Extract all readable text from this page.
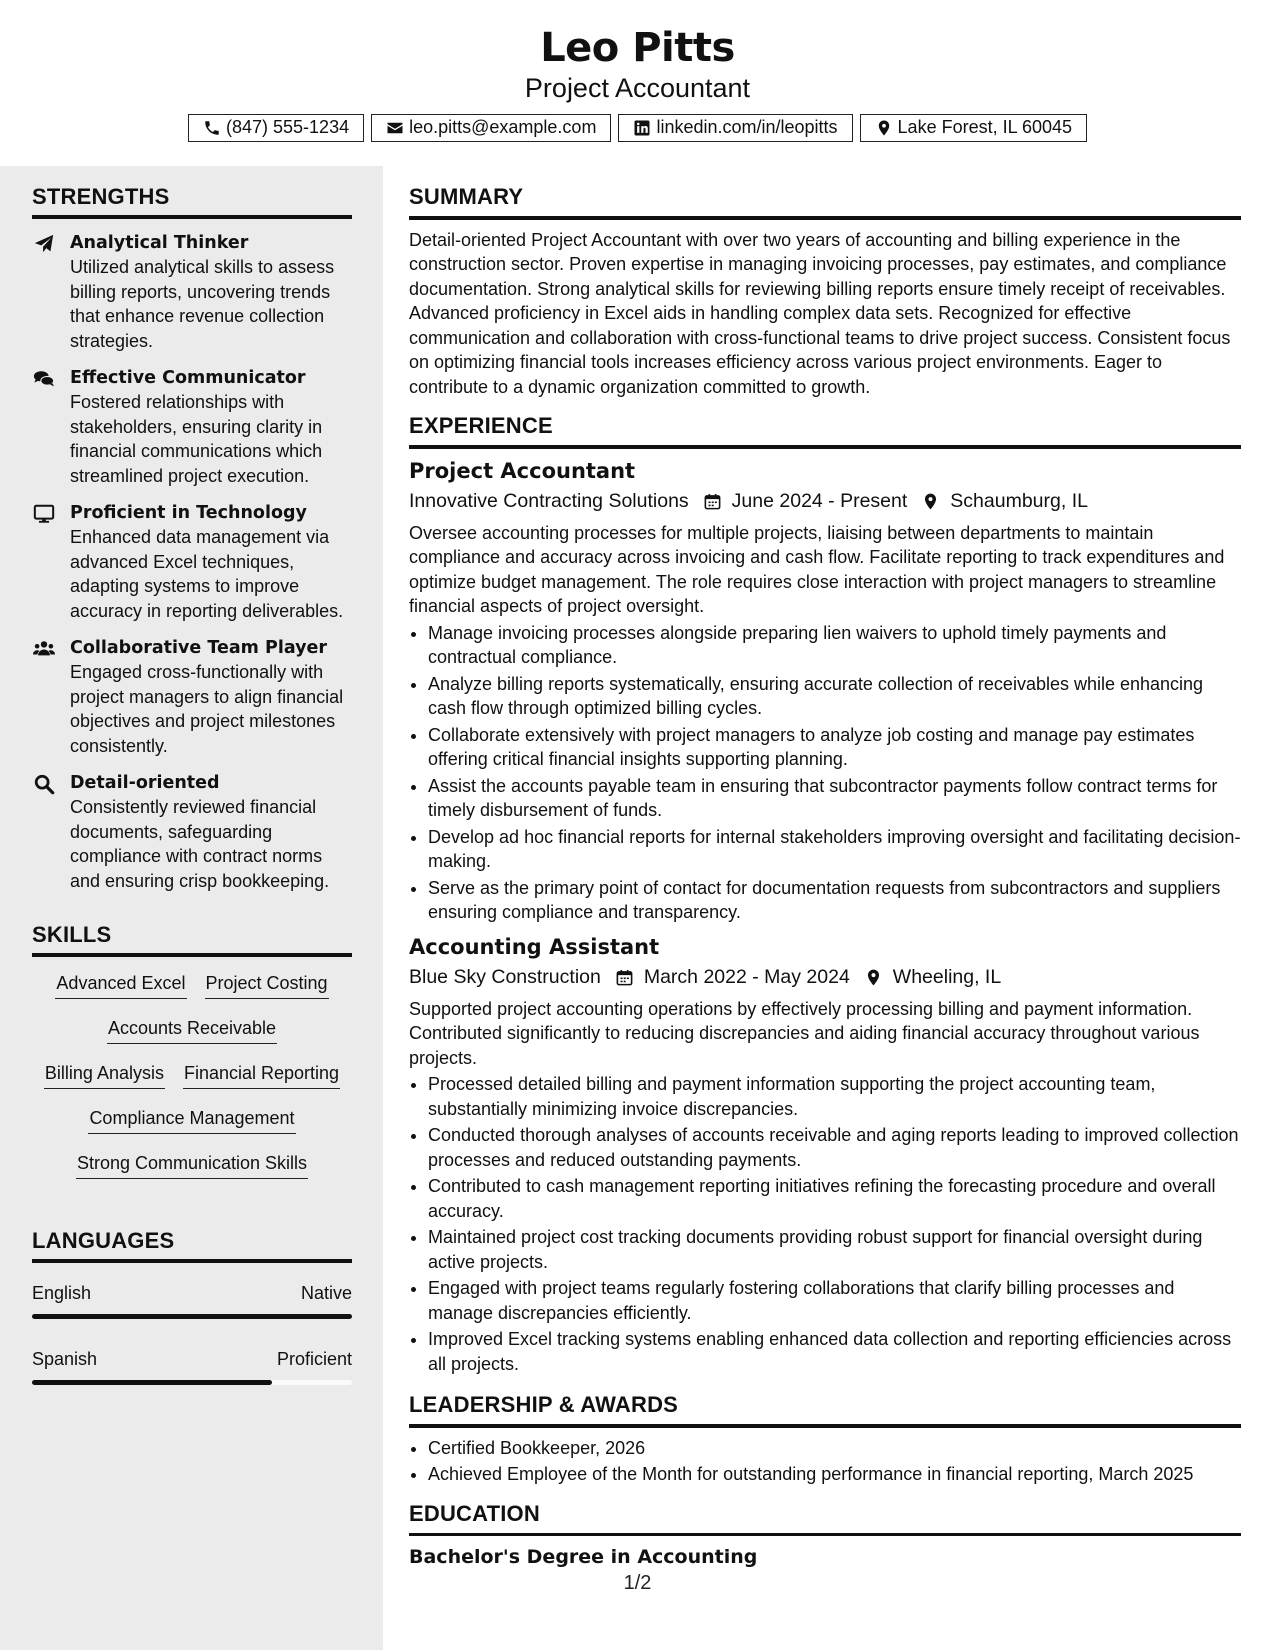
Leo Pitts
Project Accountant
(847) 555-1234	leo.pitts@example.com	linkedin.com/in/leopitts	Lake Forest, IL 60045
STRENGTHS
Analytical Thinker
Utilized analytical skills to assess billing reports, uncovering trends that enhance revenue collection strategies.
Effective Communicator
Fostered relationships with stakeholders, ensuring clarity in financial communications which streamlined project execution.
Proficient in Technology
Enhanced data management via advanced Excel techniques, adapting systems to improve accuracy in reporting deliverables.
Collaborative Team Player
Engaged cross-functionally with project managers to align financial objectives and project milestones consistently.
Detail-oriented
Consistently reviewed financial documents, safeguarding compliance with contract norms and ensuring crisp bookkeeping.
SKILLS
Advanced Excel Project Costing
Accounts Receivable
Billing Analysis Financial Reporting
Compliance Management
Strong Communication Skills
LANGUAGES
English	Native
Spanish	Proficient
SUMMARY

Detail-oriented Project Accountant with over two years of accounting and billing experience in the construction sector. Proven expertise in managing invoicing processes, pay estimates, and compliance documentation. Strong analytical skills for reviewing billing reports ensure timely receipt of receivables. Advanced proficiency in Excel aids in handling complex data sets. Recognized for effective communication and collaboration with cross-functional teams to drive project success. Consistent focus on optimizing financial tools increases efficiency across various project environments. Eager to contribute to a dynamic organization committed to growth.

EXPERIENCE
Project Accountant
Innovative Contracting Solutions June 2024 - Present Schaumburg, IL

Oversee accounting processes for multiple projects, liaising between departments to maintain compliance and accuracy across invoicing and cash flow. Facilitate reporting to track expenditures and optimize budget management. The role requires close interaction with project managers to streamline financial aspects of project oversight.

• Manage invoicing processes alongside preparing lien waivers to uphold timely payments and contractual compliance.
• Analyze billing reports systematically, ensuring accurate collection of receivables while enhancing cash flow through optimized billing cycles.
• Collaborate extensively with project managers to analyze job costing and manage pay estimates offering critical financial insights supporting planning.
• Assist the accounts payable team in ensuring that subcontractor payments follow contract terms for timely disbursement of funds.
• Develop ad hoc financial reports for internal stakeholders improving oversight and facilitating decision-making.
• Serve as the primary point of contact for documentation requests from subcontractors and suppliers ensuring compliance and transparency.
Accounting Assistant
Blue Sky Construction March 2022 - May 2024 Wheeling, IL

Supported project accounting operations by effectively processing billing and payment information. Contributed significantly to reducing discrepancies and aiding financial accuracy throughout various projects.

• Processed detailed billing and payment information supporting the project accounting team, substantially minimizing invoice discrepancies.
• Conducted thorough analyses of accounts receivable and aging reports leading to improved collection processes and reduced outstanding payments.
• Contributed to cash management reporting initiatives refining the forecasting procedure and overall accuracy.
• Maintained project cost tracking documents providing robust support for financial oversight during active projects.
• Engaged with project teams regularly fostering collaborations that clarify billing processes and manage discrepancies efficiently.
• Improved Excel tracking systems enabling enhanced data collection and reporting efficiencies across all projects.
LEADERSHIP & AWARDS
• Certified Bookkeeper, 2026
• Achieved Employee of the Month for outstanding performance in financial reporting, March 2025
EDUCATION
Bachelor's Degree in Accounting
1/2
